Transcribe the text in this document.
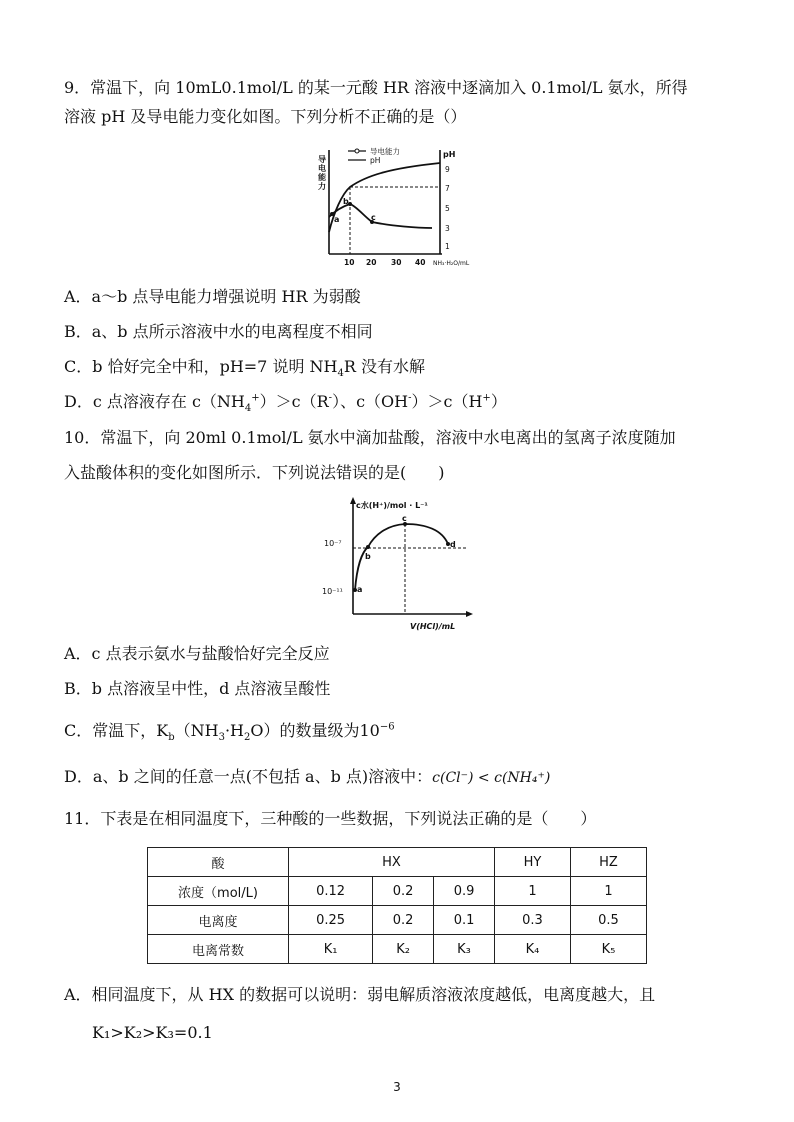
9．常温下，向 10mL0.1mol/L 的某一元酸 HR 溶液中逐滴加入 0.1mol/L 氨水，所得
溶液 pH 及导电能力变化如图。下列分析不正确的是（）
导
电
能
力
导电能力
pH
pH
9
7
5
3
1
a
b
c
10 20 30 40 NH₃·H₂O/mL
A．a～b 点导电能力增强说明 HR 为弱酸
B．a、b 点所示溶液中水的电离程度不相同
C．b 恰好完全中和，pH=7 说明 $NH_4R$ 没有水解
D．c 点溶液存在 $c(NH_4^+)>c(R^-)$、c（OH-）＞c（H+）
10．常温下，向 20ml 0.1mol/L 氨水中滴加盐酸，溶液中水电离出的氢离子浓度随加
入盐酸体积的变化如图所示．下列说法错误的是(　　)
c水(H⁺)/mol · L⁻¹
V(HCl)/mL
10⁻⁷
10⁻¹¹ a
b
c
d
A．c 点表示氨水与盐酸恰好完全反应
B．b 点溶液呈中性，d 点溶液呈酸性
C．常温下，$K_b(NH_3\cdot H_2O)$的数量级为$10^{-6}$
D．a、b 之间的任意一点(不包括 a、b 点)溶液中：c(Cl⁻) < c(NH₄⁺)
11．下表是在相同温度下，三种酸的一些数据，下列说法正确的是（　　）
酸	HX			HY	HZ
浓度（mol/L)	0.12	0.2	0.9	1	1
电离度	0.25	0.2	0.1	0.3	0.5
电离常数	K₁	K₂	K₃	K₄	K₅
A．相同温度下，从 HX 的数据可以说明：弱电解质溶液浓度越低，电离度越大，且
K₁>K₂>K₃=0.1
3
